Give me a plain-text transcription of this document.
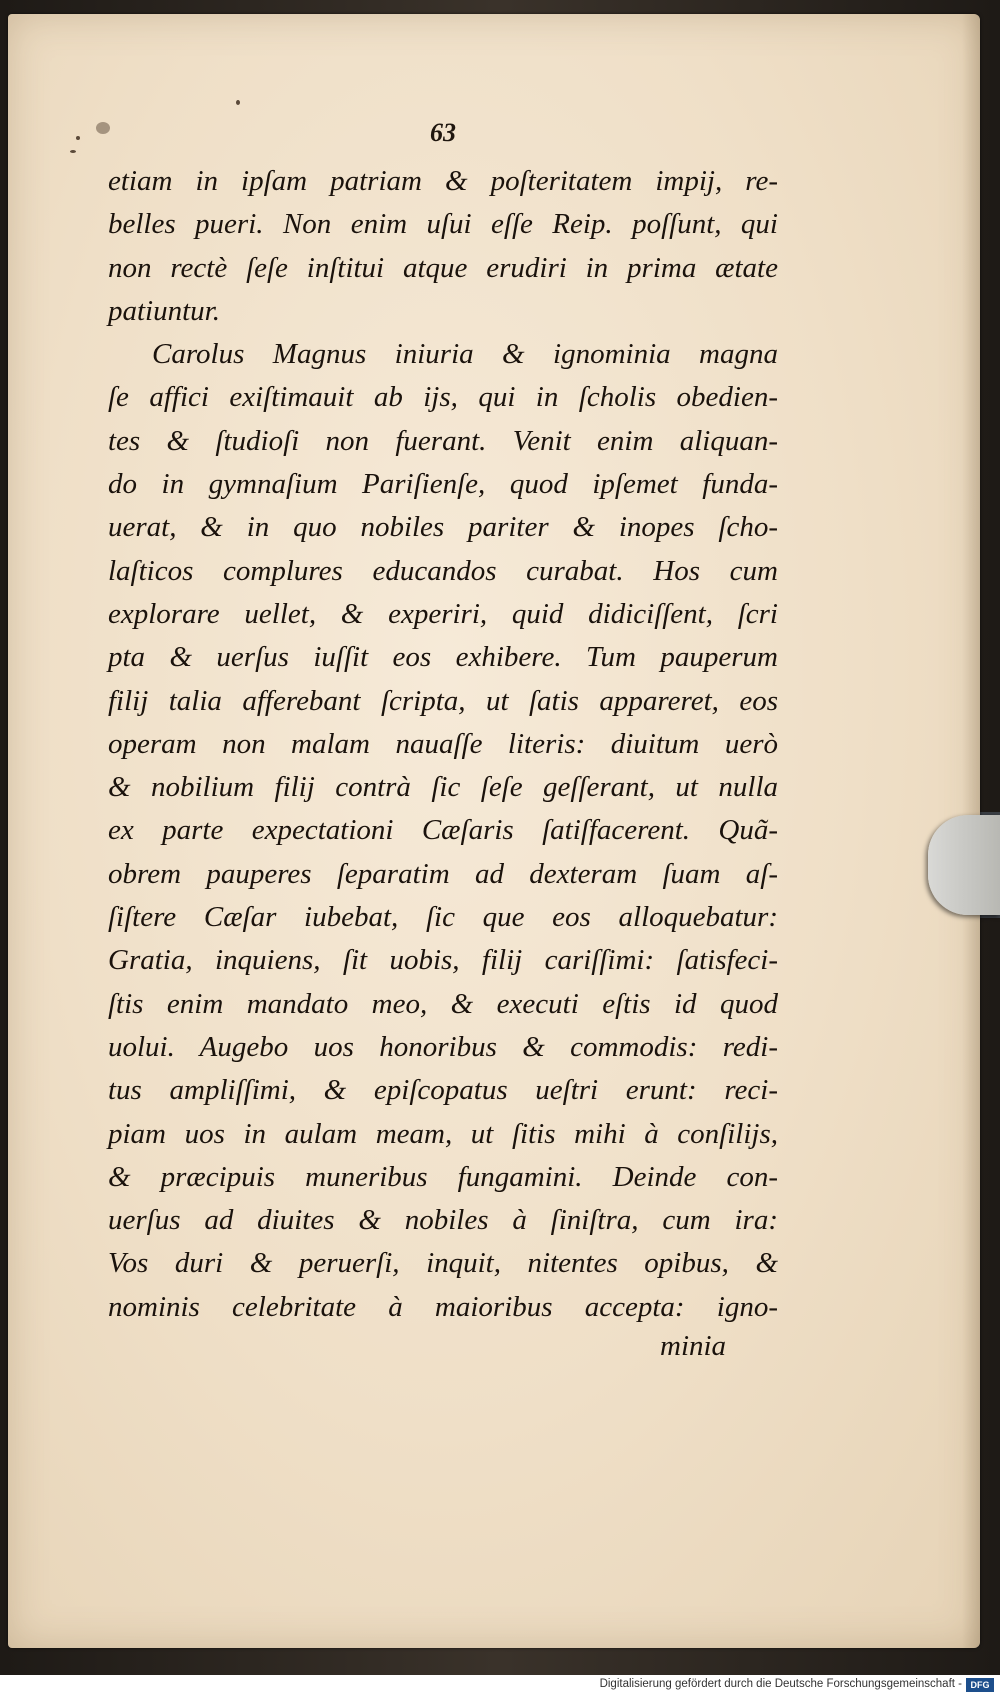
63
etiam in ipſam patriam & poſteritatem impij, re-
belles pueri. Non enim uſui eſſe Reip. poſſunt, qui
non rectè ſeſe inſtitui atque erudiri in prima ætate
patiuntur.
Carolus Magnus iniuria & ignominia magna
ſe affici exiſtimauit ab ijs, qui in ſcholis obedien-
tes & ſtudioſi non fuerant. Venit enim aliquan-
do in gymnaſium Pariſienſe, quod ipſemet funda-
uerat, & in quo nobiles pariter & inopes ſcho-
laſticos complures educandos curabat. Hos cum
explorare uellet, & experiri, quid didiciſſent, ſcri
pta & uerſus iuſſit eos exhibere. Tum pauperum
filij talia afferebant ſcripta, ut ſatis appareret, eos
operam non malam nauaſſe literis: diuitum uerò
& nobilium filij contrà ſic ſeſe geſſerant, ut nulla
ex parte expectationi Cæſaris ſatiſfacerent. Quã-
obrem pauperes ſeparatim ad dexteram ſuam aſ-
ſiſtere Cæſar iubebat, ſic que eos alloquebatur:
Gratia, inquiens, ſit uobis, filij cariſſimi: ſatisfeci-
ſtis enim mandato meo, & executi eſtis id quod
uolui. Augebo uos honoribus & commodis: redi-
tus ampliſſimi, & epiſcopatus ueſtri erunt: reci-
piam uos in aulam meam, ut ſitis mihi à conſilijs,
& præcipuis muneribus fungamini. Deinde con-
uerſus ad diuites & nobiles à ſiniſtra, cum ira:
Vos duri & peruerſi, inquit, nitentes opibus, &
nominis celebritate à maioribus accepta: igno-
minia
Digitalisierung gefördert durch die Deutsche Forschungsgemeinschaft - DFG
